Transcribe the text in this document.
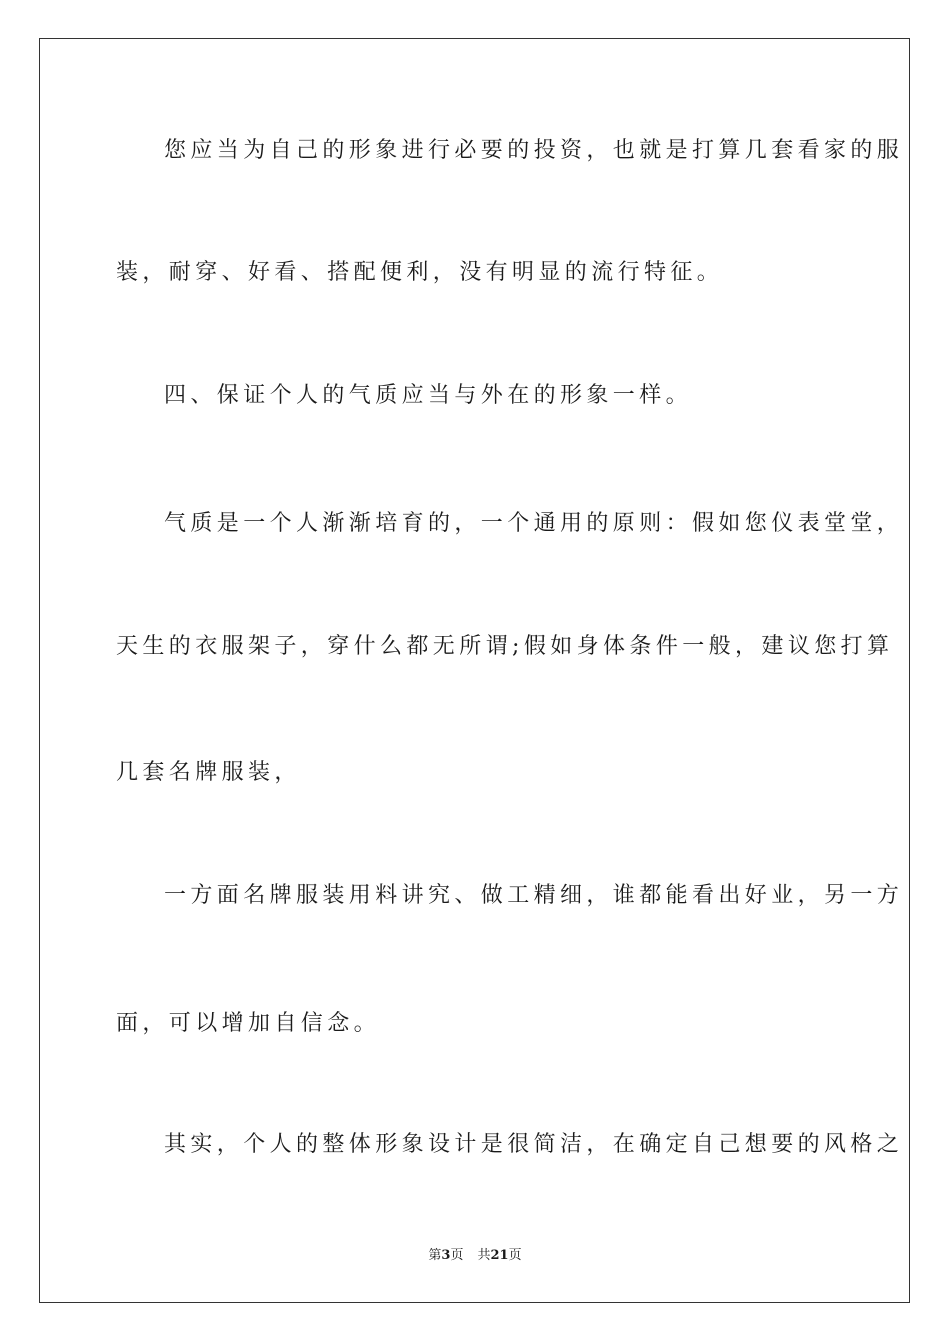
您应当为自己的形象进行必要的投资，也就是打算几套看家的服
装，耐穿、好看、搭配便利，没有明显的流行特征。
四、保证个人的气质应当与外在的形象一样。
气质是一个人渐渐培育的，一个通用的原则：假如您仪表堂堂，
天生的衣服架子，穿什么都无所谓;假如身体条件一般，建议您打算
几套名牌服装，
一方面名牌服装用料讲究、做工精细，谁都能看出好业，另一方
面，可以增加自信念。
其实，个人的整体形象设计是很简洁，在确定自己想要的风格之
第3页 共21页
